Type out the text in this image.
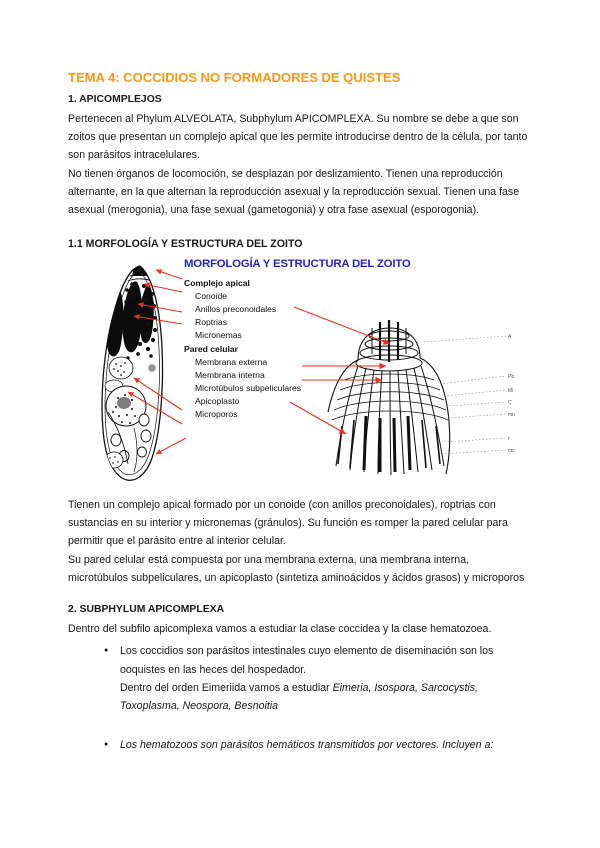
TEMA 4: COCCIDIOS NO FORMADORES DE QUISTES
1. APICOMPLEJOS

Pertenecen al Phylum ALVEOLATA, Subphylum APICOMPLEXA. Su nombre se debe a que son zoitos que presentan un complejo apical que les permite introducirse dentro de la célula, por tanto son parásitos intracelulares.

No tienen órganos de locomoción, se desplazan por deslizamiento. Tienen una reproducción alternante, en la que alternan la reproducción asexual y la reproducción sexual. Tienen una fase asexual (merogonia), una fase sexual (gametogonia) y otra fase asexual (esporogonia).

1.1 MORFOLOGÍA Y ESTRUCTURA DEL ZOITO
MORFOLOGÍA Y ESTRUCTURA DEL ZOITO
Complejo apical
Conoide
Anillos preconoidales
Roptrias
Micronemas
Pared celular
Membrana externa
Membrana interna
Microtúbulos subpeliculares
Apicoplasto
Microporos
A
Pb
Mi
C
mn
r
mc

Tienen un complejo apical formado por un conoide (con anillos preconoidales), roptrias con sustancias en su interior y micronemas (gránulos). Su función es romper la pared celular para permitir que el parásito entre al interior celular.

Su pared celular está compuesta por una membrana externa, una membrana interna, microtúbulos subpeliculares, un apicoplasto (sintetiza aminoácidos y ácidos grasos) y microporos

2. SUBPHYLUM APICOMPLEXA

Dentro del subfilo apicomplexa vamos a estudiar la clase coccidea y la clase hematozoea.

● Los coccidios son parásitos intestinales cuyo elemento de diseminación son los ooquistes en las heces del hospedador.
Dentro del orden Eimeriida vamos a estudiar Eimeria, Isospora, Sarcocystis, Toxoplasma, Neospora, Besnoitia
● Los hematozoos son parásitos hemáticos transmitidos por vectores. Incluyen a:
